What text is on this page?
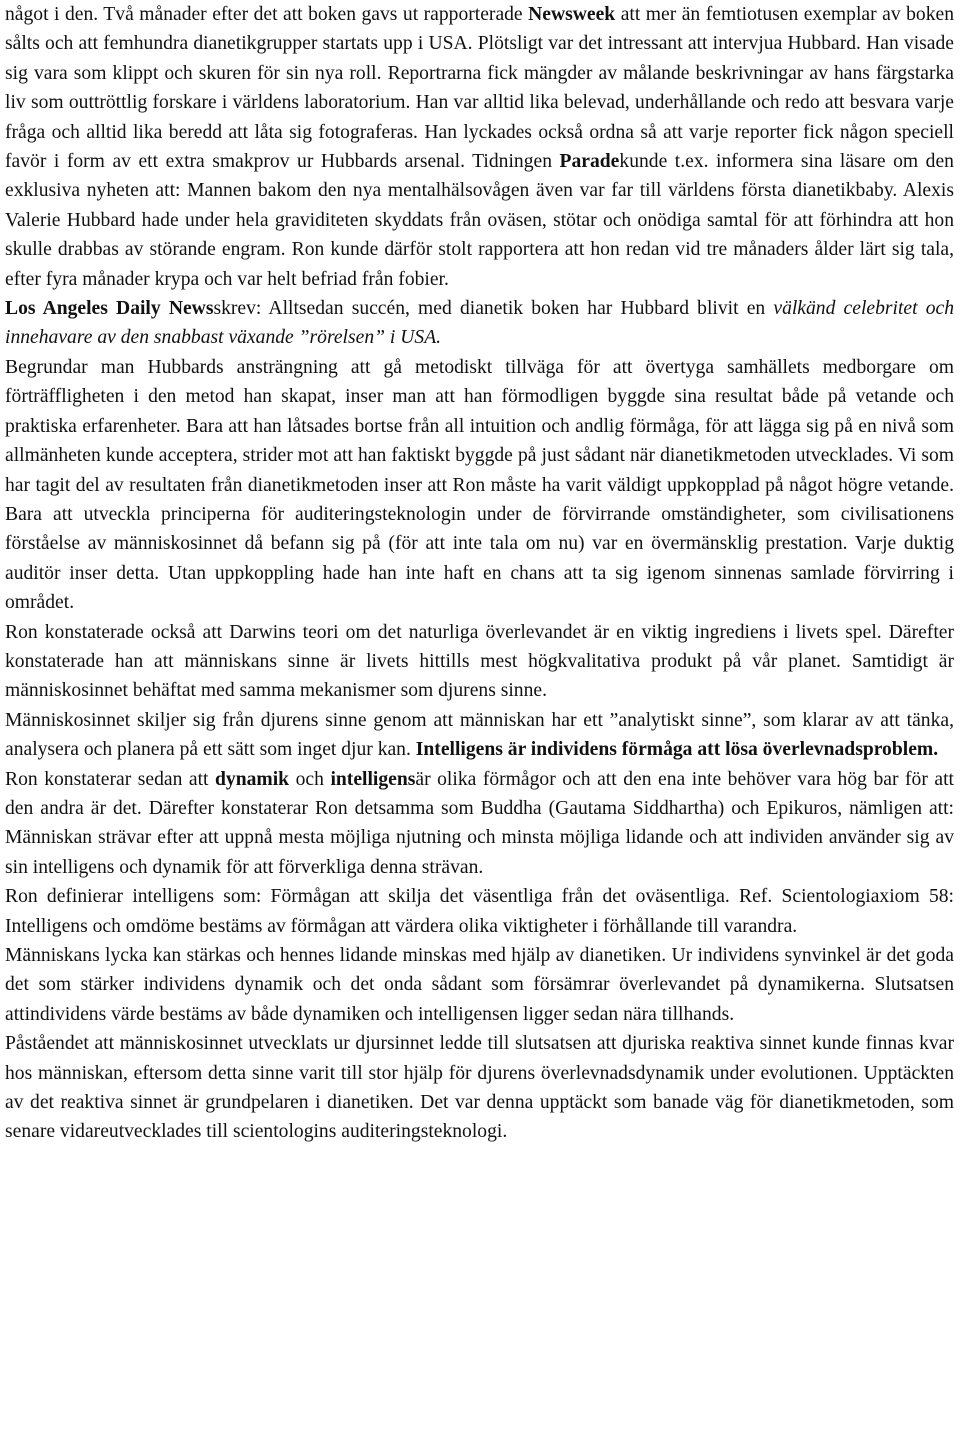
något i den. Två månader efter det att boken gavs ut rapporterade Newsweek att mer än femtiotusen exemplar av boken sålts och att femhundra dianetikgrupper startats upp i USA. Plötsligt var det intressant att intervjua Hubbard. Han visade sig vara som klippt och skuren för sin nya roll. Reportrarna fick mängder av målande beskrivningar av hans färgstarka liv som outtröttlig forskare i världens laboratorium. Han var alltid lika belevad, underhållande och redo att besvara varje fråga och alltid lika beredd att låta sig fotograferas. Han lyckades också ordna så att varje reporter fick någon speciell favör i form av ett extra smakprov ur Hubbards arsenal. Tidningen Paradekunde t.ex. informera sina läsare om den exklusiva nyheten att: Mannen bakom den nya mentalhälsovågen även var far till världens första dianetikbaby. Alexis Valerie Hubbard hade under hela graviditeten skyddats från oväsen, stötar och onödiga samtal för att förhindra att hon skulle drabbas av störande engram. Ron kunde därför stolt rapportera att hon redan vid tre månaders ålder lärt sig tala, efter fyra månader krypa och var helt befriad från fobier.

Los Angeles Daily Newsskrev: Alltsedan succén, med dianetik boken har Hubbard blivit en välkänd celebritet och innehavare av den snabbast växande ”rörelsen” i USA.

Begrundar man Hubbards ansträngning att gå metodiskt tillväga för att övertyga samhällets medborgare om förträffligheten i den metod han skapat, inser man att han förmodligen byggde sina resultat både på vetande och praktiska erfarenheter. Bara att han låtsades bortse från all intuition och andlig förmåga, för att lägga sig på en nivå som allmänheten kunde acceptera, strider mot att han faktiskt byggde på just sådant när dianetikmetoden utvecklades. Vi som har tagit del av resultaten från dianetikmetoden inser att Ron måste ha varit väldigt uppkopplad på något högre vetande. Bara att utveckla principerna för auditeringsteknologin under de förvirrande omständigheter, som civilisationens förståelse av människosinnet då befann sig på (för att inte tala om nu) var en övermänsklig prestation. Varje duktig auditör inser detta. Utan uppkoppling hade han inte haft en chans att ta sig igenom sinnenas samlade förvirring i området.

Ron konstaterade också att Darwins teori om det naturliga överlevandet är en viktig ingrediens i livets spel. Därefter konstaterade han att människans sinne är livets hittills mest högkvalitativa produkt på vår planet. Samtidigt är människosinnet behäftat med samma mekanismer som djurens sinne.

Människosinnet skiljer sig från djurens sinne genom att människan har ett ”analytiskt sinne”, som klarar av att tänka, analysera och planera på ett sätt som inget djur kan. Intelligens är individens förmåga att lösa överlevnadsproblem.

Ron konstaterar sedan att dynamik och intelligensär olika förmågor och att den ena inte behöver vara hög bar för att den andra är det. Därefter konstaterar Ron detsamma som Buddha (Gautama Siddhartha) och Epikuros, nämligen att: Människan strävar efter att uppnå mesta möjliga njutning och minsta möjliga lidande och att individen använder sig av sin intelligens och dynamik för att förverkliga denna strävan.

Ron definierar intelligens som: Förmågan att skilja det väsentliga från det oväsentliga. Ref. Scientologiaxiom 58: Intelligens och omdöme bestäms av förmågan att värdera olika viktigheter i förhållande till varandra.

Människans lycka kan stärkas och hennes lidande minskas med hjälp av dianetiken. Ur individens synvinkel är det goda det som stärker individens dynamik och det onda sådant som försämrar överlevandet på dynamikerna. Slutsatsen attindividens värde bestäms av både dynamiken och intelligensen ligger sedan nära tillhands.

Påståendet att människosinnet utvecklats ur djursinnet ledde till slutsatsen att djuriska reaktiva sinnet kunde finnas kvar hos människan, eftersom detta sinne varit till stor hjälp för djurens överlevnadsdynamik under evolutionen. Upptäckten av det reaktiva sinnet är grundpelaren i dianetiken. Det var denna upptäckt som banade väg för dianetikmetoden, som senare vidareutvecklades till scientologins auditeringsteknologi.
